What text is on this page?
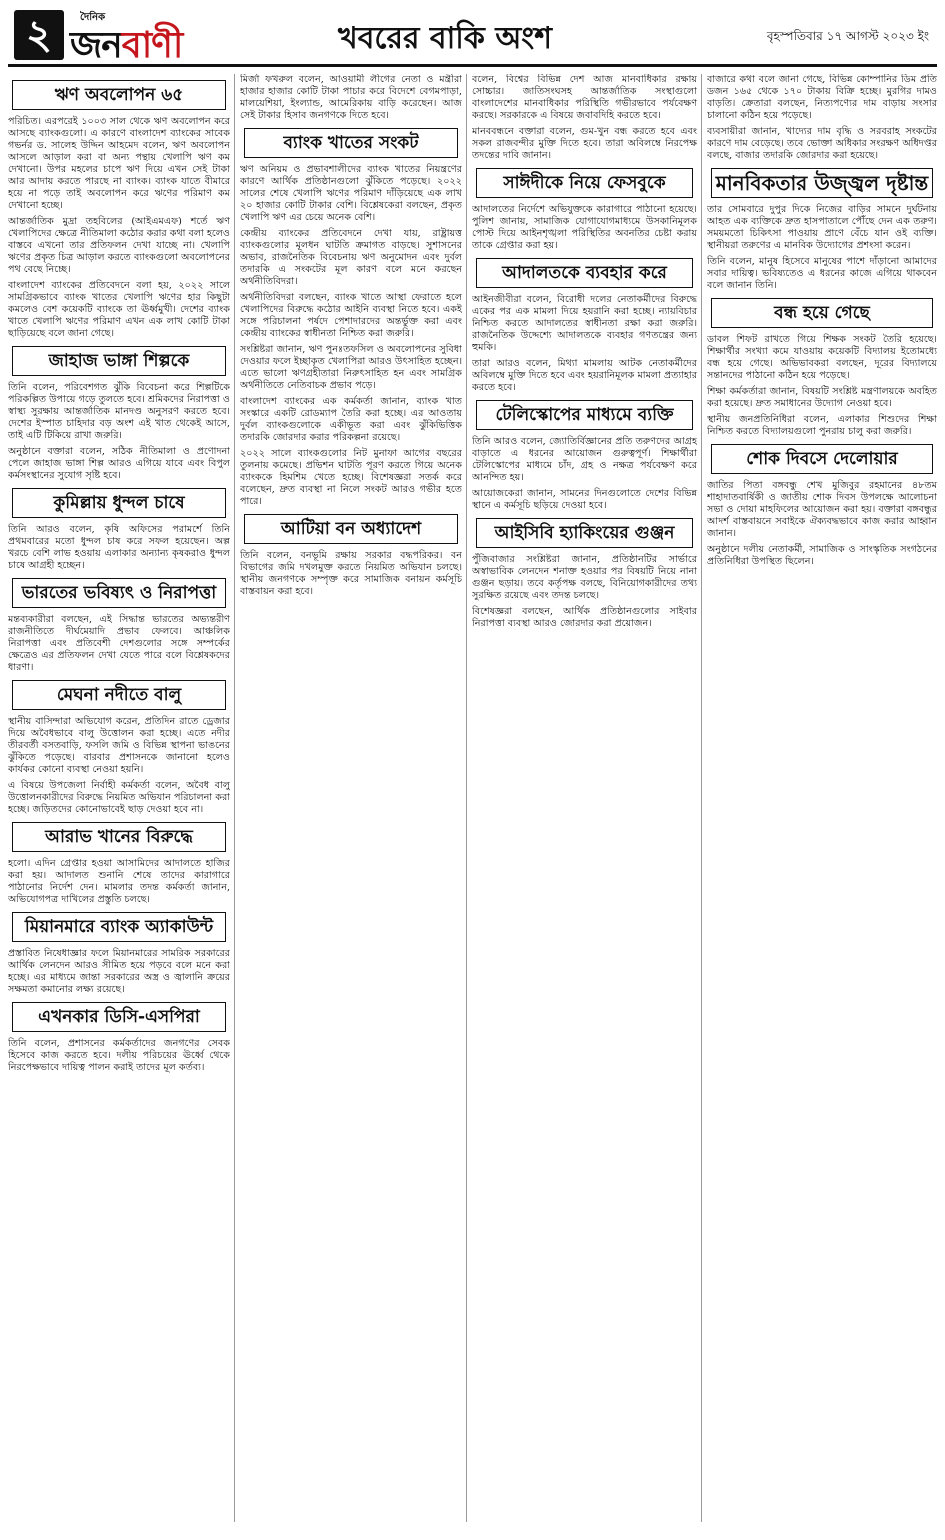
২	দৈনিক
জনবাণী	খবরের বাকি অংশ	বৃহস্পতিবার ১৭ আগস্ট ২০২৩ ইং
ঋণ অবলোপন ৬৫

পরিচিত। এরপরেই ১০০৩ সাল থেকে ঋণ অবলোপন করে আসছে ব্যাংকগুলো। এ কারণে বাংলাদেশ ব্যাংকের সাবেক গভর্নর ড. সালেহ উদ্দিন আহমেদ বলেন, ঋণ অবলোপন আসলে আড়াল করা বা অন্য পন্থায় খেলাপি ঋণ কম দেখানো। উপর মহলের চাপে ঋণ দিয়ে এখন সেই টাকা আর আদায় করতে পারছে না ব্যাংক। ব্যাংক যাতে বীমারে হয়ে না পড়ে তাই অবলোপন করে ঋণের পরিমাণ কম দেখানো হচ্ছে।

আন্তর্জাতিক মুদ্রা তহবিলের (আইএমএফ) শর্তে ঋণ খেলাপিদের ক্ষেত্রে নীতিমালা কঠোর করার কথা বলা হলেও বাস্তবে এখনো তার প্রতিফলন দেখা যাচ্ছে না। খেলাপি ঋণের প্রকৃত চিত্র আড়াল করতে ব্যাংকগুলো অবলোপনের পথ বেছে নিচ্ছে।

বাংলাদেশ ব্যাংকের প্রতিবেদনে বলা হয়, ২০২২ সালে সামগ্রিকভাবে ব্যাংক খাতের খেলাপি ঋণের হার কিছুটা কমলেও বেশ কয়েকটি ব্যাংকে তা ঊর্ধ্বমুখী। দেশের ব্যাংক খাতে খেলাপি ঋণের পরিমাণ এখন এক লাখ কোটি টাকা ছাড়িয়েছে বলে জানা গেছে।

জাহাজ ভাঙ্গা শিল্পকে

তিনি বলেন, পরিবেশগত ঝুঁকি বিবেচনা করে শিল্পটিকে পরিকল্পিত উপায়ে গড়ে তুলতে হবে। শ্রমিকদের নিরাপত্তা ও স্বাস্থ্য সুরক্ষায় আন্তর্জাতিক মানদণ্ড অনুসরণ করতে হবে। দেশের ইস্পাত চাহিদার বড় অংশ এই খাত থেকেই আসে, তাই এটি টিকিয়ে রাখা জরুরি।

অনুষ্ঠানে বক্তারা বলেন, সঠিক নীতিমালা ও প্রণোদনা পেলে জাহাজ ভাঙ্গা শিল্প আরও এগিয়ে যাবে এবং বিপুল কর্মসংস্থানের সুযোগ সৃষ্টি হবে।

কুমিল্লায় ধুন্দল চাষে

তিনি আরও বলেন, কৃষি অফিসের পরামর্শে তিনি প্রথমবারের মতো ধুন্দল চাষ করে সফল হয়েছেন। অল্প খরচে বেশি লাভ হওয়ায় এলাকার অন্যান্য কৃষকরাও ধুন্দল চাষে আগ্রহী হচ্ছেন।

ভারতের ভবিষ্যৎ ও নিরাপত্তা

মন্তব্যকারীরা বলছেন, এই সিদ্ধান্ত ভারতের অভ্যন্তরীণ রাজনীতিতে দীর্ঘমেয়াদি প্রভাব ফেলবে। আঞ্চলিক নিরাপত্তা এবং প্রতিবেশী দেশগুলোর সঙ্গে সম্পর্কের ক্ষেত্রেও এর প্রতিফলন দেখা যেতে পারে বলে বিশ্লেষকদের ধারণা।

মেঘনা নদীতে বালু

স্থানীয় বাসিন্দারা অভিযোগ করেন, প্রতিদিন রাতে ড্রেজার দিয়ে অবৈধভাবে বালু উত্তোলন করা হচ্ছে। এতে নদীর তীরবর্তী বসতবাড়ি, ফসলি জমি ও বিভিন্ন স্থাপনা ভাঙনের ঝুঁকিতে পড়েছে। বারবার প্রশাসনকে জানানো হলেও কার্যকর কোনো ব্যবস্থা নেওয়া হয়নি।

এ বিষয়ে উপজেলা নির্বাহী কর্মকর্তা বলেন, অবৈধ বালু উত্তোলনকারীদের বিরুদ্ধে নিয়মিত অভিযান পরিচালনা করা হচ্ছে। জড়িতদের কোনোভাবেই ছাড় দেওয়া হবে না।

আরাভ খানের বিরুদ্ধে

হলো। এদিন গ্রেপ্তার হওয়া আসামিদের আদালতে হাজির করা হয়। আদালত শুনানি শেষে তাদের কারাগারে পাঠানোর নির্দেশ দেন। মামলার তদন্ত কর্মকর্তা জানান, অভিযোগপত্র দাখিলের প্রস্তুতি চলছে।

মিয়ানমারে ব্যাংক অ্যাকাউন্ট

প্রস্তাবিত নিষেধাজ্ঞার ফলে মিয়ানমারের সামরিক সরকারের আর্থিক লেনদেন আরও সীমিত হয়ে পড়বে বলে মনে করা হচ্ছে। এর মাধ্যমে জান্তা সরকারের অস্ত্র ও জ্বালানি ক্রয়ের সক্ষমতা কমানোর লক্ষ্য রয়েছে।

এখনকার ডিসি-এসপিরা

তিনি বলেন, প্রশাসনের কর্মকর্তাদের জনগণের সেবক হিসেবে কাজ করতে হবে। দলীয় পরিচয়ের ঊর্ধ্বে থেকে নিরপেক্ষভাবে দায়িত্ব পালন করাই তাদের মূল কর্তব্য।

মির্জা ফখরুল বলেন, আওয়ামী লীগের নেতা ও মন্ত্রীরা হাজার হাজার কোটি টাকা পাচার করে বিদেশে বেগমপাড়া, মালয়েশিয়া, ইংল্যান্ড, আমেরিকায় বাড়ি করেছেন। আজ সেই টাকার হিসাব জনগণকে দিতে হবে।

ব্যাংক খাতের সংকট

ঋণ অনিয়ম ও প্রভাবশালীদের ব্যাংক খাতের নিয়ন্ত্রণের কারণে আর্থিক প্রতিষ্ঠানগুলো ঝুঁকিতে পড়েছে। ২০২২ সালের শেষে খেলাপি ঋণের পরিমাণ দাঁড়িয়েছে এক লাখ ২০ হাজার কোটি টাকার বেশি। বিশ্লেষকেরা বলছেন, প্রকৃত খেলাপি ঋণ এর চেয়ে অনেক বেশি।

কেন্দ্রীয় ব্যাংকের প্রতিবেদনে দেখা যায়, রাষ্ট্রায়ত্ত ব্যাংকগুলোর মূলধন ঘাটতি ক্রমাগত বাড়ছে। সুশাসনের অভাব, রাজনৈতিক বিবেচনায় ঋণ অনুমোদন এবং দুর্বল তদারকি এ সংকটের মূল কারণ বলে মনে করছেন অর্থনীতিবিদরা।

অর্থনীতিবিদরা বলছেন, ব্যাংক খাতে আস্থা ফেরাতে হলে খেলাপিদের বিরুদ্ধে কঠোর আইনি ব্যবস্থা নিতে হবে। একই সঙ্গে পরিচালনা পর্ষদে পেশাদারদের অন্তর্ভুক্ত করা এবং কেন্দ্রীয় ব্যাংকের স্বাধীনতা নিশ্চিত করা জরুরি।

সংশ্লিষ্টরা জানান, ঋণ পুনঃতফসিল ও অবলোপনের সুবিধা দেওয়ার ফলে ইচ্ছাকৃত খেলাপিরা আরও উৎসাহিত হচ্ছেন। এতে ভালো ঋণগ্রহীতারা নিরুৎসাহিত হন এবং সামগ্রিক অর্থনীতিতে নেতিবাচক প্রভাব পড়ে।

বাংলাদেশ ব্যাংকের এক কর্মকর্তা জানান, ব্যাংক খাত সংস্কারে একটি রোডম্যাপ তৈরি করা হচ্ছে। এর আওতায় দুর্বল ব্যাংকগুলোকে একীভূত করা এবং ঝুঁকিভিত্তিক তদারকি জোরদার করার পরিকল্পনা রয়েছে।

২০২২ সালে ব্যাংকগুলোর নিট মুনাফা আগের বছরের তুলনায় কমেছে। প্রভিশন ঘাটতি পূরণ করতে গিয়ে অনেক ব্যাংককে হিমশিম খেতে হচ্ছে। বিশেষজ্ঞরা সতর্ক করে বলেছেন, দ্রুত ব্যবস্থা না নিলে সংকট আরও গভীর হতে পারে।

আটিয়া বন অধ্যাদেশ

তিনি বলেন, বনভূমি রক্ষায় সরকার বদ্ধপরিকর। বন বিভাগের জমি দখলমুক্ত করতে নিয়মিত অভিযান চলছে। স্থানীয় জনগণকে সম্পৃক্ত করে সামাজিক বনায়ন কর্মসূচি বাস্তবায়ন করা হবে।

বলেন, বিশ্বের বিভিন্ন দেশ আজ মানবাধিকার রক্ষায় সোচ্চার। জাতিসংঘসহ আন্তর্জাতিক সংস্থাগুলো বাংলাদেশের মানবাধিকার পরিস্থিতি গভীরভাবে পর্যবেক্ষণ করছে। সরকারকে এ বিষয়ে জবাবদিহি করতে হবে।

মানববন্ধনে বক্তারা বলেন, গুম-খুন বন্ধ করতে হবে এবং সকল রাজবন্দীর মুক্তি দিতে হবে। তারা অবিলম্বে নিরপেক্ষ তদন্তের দাবি জানান।

সাঈদীকে নিয়ে ফেসবুকে

আদালতের নির্দেশে অভিযুক্তকে কারাগারে পাঠানো হয়েছে। পুলিশ জানায়, সামাজিক যোগাযোগমাধ্যমে উসকানিমূলক পোস্ট দিয়ে আইনশৃঙ্খলা পরিস্থিতির অবনতির চেষ্টা করায় তাকে গ্রেপ্তার করা হয়।

আদালতকে ব্যবহার করে

আইনজীবীরা বলেন, বিরোধী দলের নেতাকর্মীদের বিরুদ্ধে একের পর এক মামলা দিয়ে হয়রানি করা হচ্ছে। ন্যায়বিচার নিশ্চিত করতে আদালতের স্বাধীনতা রক্ষা করা জরুরি। রাজনৈতিক উদ্দেশ্যে আদালতকে ব্যবহার গণতন্ত্রের জন্য হুমকি।

তারা আরও বলেন, মিথ্যা মামলায় আটক নেতাকর্মীদের অবিলম্বে মুক্তি দিতে হবে এবং হয়রানিমূলক মামলা প্রত্যাহার করতে হবে।

টেলিস্কোপের মাধ্যমে ব্যক্তি

তিনি আরও বলেন, জ্যোতির্বিজ্ঞানের প্রতি তরুণদের আগ্রহ বাড়াতে এ ধরনের আয়োজন গুরুত্বপূর্ণ। শিক্ষার্থীরা টেলিস্কোপের মাধ্যমে চাঁদ, গ্রহ ও নক্ষত্র পর্যবেক্ষণ করে আনন্দিত হয়।

আয়োজকেরা জানান, সামনের দিনগুলোতে দেশের বিভিন্ন স্থানে এ কর্মসূচি ছড়িয়ে দেওয়া হবে।

আইসিবি হ্যাকিংয়ের গুঞ্জন

পুঁজিবাজার সংশ্লিষ্টরা জানান, প্রতিষ্ঠানটির সার্ভারে অস্বাভাবিক লেনদেন শনাক্ত হওয়ার পর বিষয়টি নিয়ে নানা গুঞ্জন ছড়ায়। তবে কর্তৃপক্ষ বলছে, বিনিয়োগকারীদের তথ্য সুরক্ষিত রয়েছে এবং তদন্ত চলছে।

বিশেষজ্ঞরা বলছেন, আর্থিক প্রতিষ্ঠানগুলোর সাইবার নিরাপত্তা ব্যবস্থা আরও জোরদার করা প্রয়োজন।

বাজারে কথা বলে জানা গেছে, বিভিন্ন কোম্পানির ডিম প্রতি ডজন ১৬৫ থেকে ১৭০ টাকায় বিক্রি হচ্ছে। মুরগির দামও বাড়তি। ক্রেতারা বলছেন, নিত্যপণ্যের দাম বাড়ায় সংসার চালানো কঠিন হয়ে পড়েছে।

ব্যবসায়ীরা জানান, খাদ্যের দাম বৃদ্ধি ও সরবরাহ সংকটের কারণে দাম বেড়েছে। তবে ভোক্তা অধিকার সংরক্ষণ অধিদপ্তর বলছে, বাজার তদারকি জোরদার করা হয়েছে।

মানবিকতার উজ্জ্বল দৃষ্টান্ত

তার সোমবারে দুপুর দিকে নিজের বাড়ির সামনে দুর্ঘটনায় আহত এক ব্যক্তিকে দ্রুত হাসপাতালে পৌঁছে দেন এক তরুণ। সময়মতো চিকিৎসা পাওয়ায় প্রাণে বেঁচে যান ওই ব্যক্তি। স্থানীয়রা তরুণের এ মানবিক উদ্যোগের প্রশংসা করেন।

তিনি বলেন, মানুষ হিসেবে মানুষের পাশে দাঁড়ানো আমাদের সবার দায়িত্ব। ভবিষ্যতেও এ ধরনের কাজে এগিয়ে থাকবেন বলে জানান তিনি।

বন্ধ হয়ে গেছে

ডাবল শিফট রাখতে গিয়ে শিক্ষক সংকট তৈরি হয়েছে। শিক্ষার্থীর সংখ্যা কমে যাওয়ায় কয়েকটি বিদ্যালয় ইতোমধ্যে বন্ধ হয়ে গেছে। অভিভাবকরা বলছেন, দূরের বিদ্যালয়ে সন্তানদের পাঠানো কঠিন হয়ে পড়েছে।

শিক্ষা কর্মকর্তারা জানান, বিষয়টি সংশ্লিষ্ট মন্ত্রণালয়কে অবহিত করা হয়েছে। দ্রুত সমাধানের উদ্যোগ নেওয়া হবে।

স্থানীয় জনপ্রতিনিধিরা বলেন, এলাকার শিশুদের শিক্ষা নিশ্চিত করতে বিদ্যালয়গুলো পুনরায় চালু করা জরুরি।

শোক দিবসে দেলোয়ার

জাতির পিতা বঙ্গবন্ধু শেখ মুজিবুর রহমানের ৪৮তম শাহাদাতবার্ষিকী ও জাতীয় শোক দিবস উপলক্ষে আলোচনা সভা ও দোয়া মাহফিলের আয়োজন করা হয়। বক্তারা বঙ্গবন্ধুর আদর্শ বাস্তবায়নে সবাইকে ঐক্যবদ্ধভাবে কাজ করার আহ্বান জানান।

অনুষ্ঠানে দলীয় নেতাকর্মী, সামাজিক ও সাংস্কৃতিক সংগঠনের প্রতিনিধিরা উপস্থিত ছিলেন।
